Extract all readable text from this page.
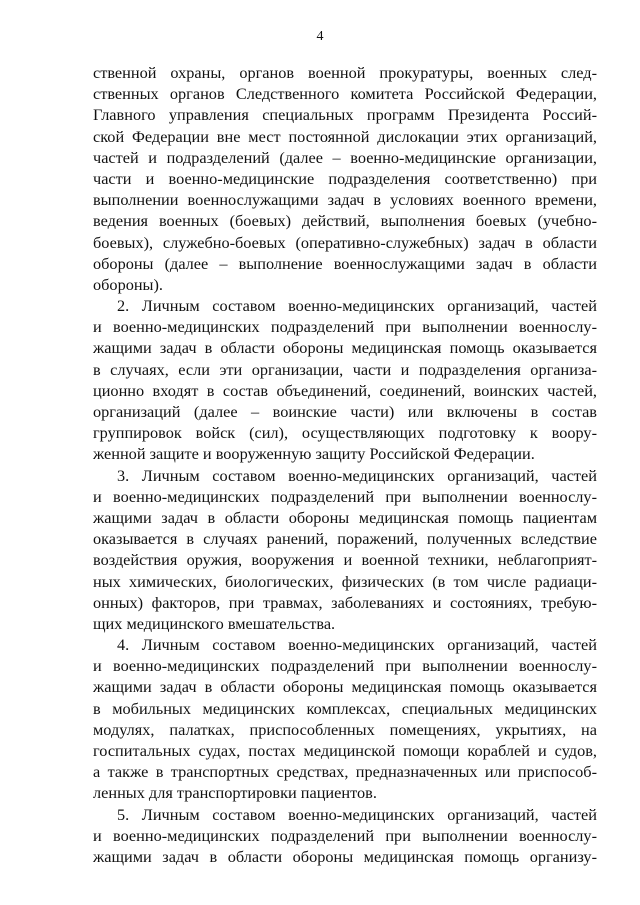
4
ственной охраны, органов военной прокуратуры, военных след-
ственных органов Следственного комитета Российской Федерации,
Главного управления специальных программ Президента Россий-
ской Федерации вне мест постоянной дислокации этих организаций,
частей и подразделений (далее – военно-медицинские организации,
части и военно-медицинские подразделения соответственно) при
выполнении военнослужащими задач в условиях военного времени,
ведения военных (боевых) действий, выполнения боевых (учебно-
боевых), служебно-боевых (оперативно-служебных) задач в области
обороны (далее – выполнение военнослужащими задач в области
обороны).
2. Личным составом военно-медицинских организаций, частей
и военно-медицинских подразделений при выполнении военнослу-
жащими задач в области обороны медицинская помощь оказывается
в случаях, если эти организации, части и подразделения организа-
ционно входят в состав объединений, соединений, воинских частей,
организаций (далее – воинские части) или включены в состав
группировок войск (сил), осуществляющих подготовку к воору-
женной защите и вооруженную защиту Российской Федерации.
3. Личным составом военно-медицинских организаций, частей
и военно-медицинских подразделений при выполнении военнослу-
жащими задач в области обороны медицинская помощь пациентам
оказывается в случаях ранений, поражений, полученных вследствие
воздействия оружия, вооружения и военной техники, неблагоприят-
ных химических, биологических, физических (в том числе радиаци-
онных) факторов, при травмах, заболеваниях и состояниях, требую-
щих медицинского вмешательства.
4. Личным составом военно-медицинских организаций, частей
и военно-медицинских подразделений при выполнении военнослу-
жащими задач в области обороны медицинская помощь оказывается
в мобильных медицинских комплексах, специальных медицинских
модулях, палатках, приспособленных помещениях, укрытиях, на
госпитальных судах, постах медицинской помощи кораблей и судов,
а также в транспортных средствах, предназначенных или приспособ-
ленных для транспортировки пациентов.
5. Личным составом военно-медицинских организаций, частей
и военно-медицинских подразделений при выполнении военнослу-
жащими задач в области обороны медицинская помощь организу-
